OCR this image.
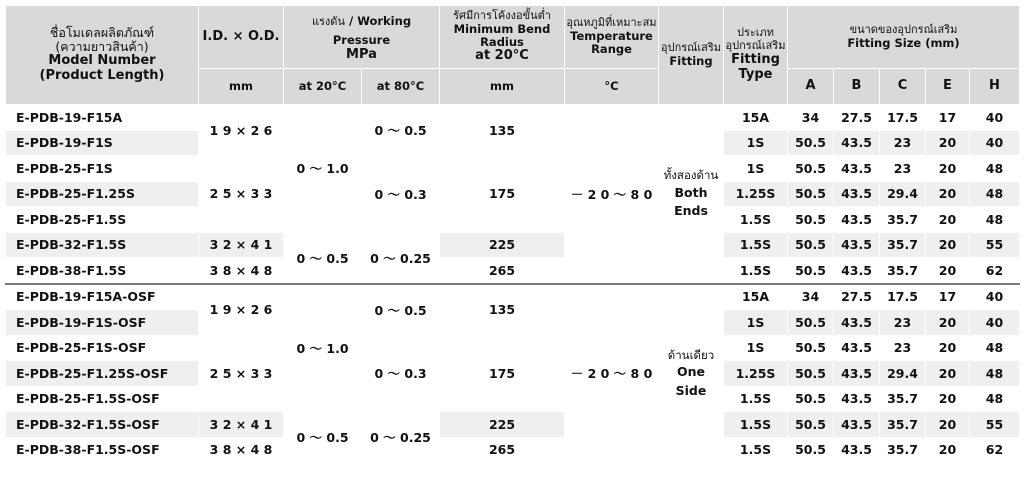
ชื่อโมเดลผลิตภัณฑ์
(ความยาวสินค้า)
Model Number
(Product Length)	I.D. × O.D.	แรงดัน / Working Pressure
MPa		รัศมีการโค้งงอขั้นต่ำ
Minimum Bend Radius
at 20°C	อุณหภูมิที่เหมาะสม
Temperature
Range	อุปกรณ์เสริม
Fitting	ประเภท
อุปกรณ์เสริม
Fitting
Type	ขนาดของอุปกรณ์เสริม
Fitting Size (mm)				

	mm	at 20°C	at 80°C	mm	°C			A	B	C	E	H
E-PDB-19-F15A	1 9 × 2 6	0 ～ 1.0	0 ～ 0.5	135	－ 2 0 ～ 8 0	ทั้งสองด้าน
Both
Ends	15A	34	27.5	17.5	17	40
E-PDB-19-F1S							1S	50.5	43.5	23	20	40
E-PDB-25-F1S	2 5 × 3 3		0 ～ 0.3	175			1S	50.5	43.5	23	20	48
E-PDB-25-F1.25S							1.25S	50.5	43.5	29.4	20	48
E-PDB-25-F1.5S							1.5S	50.5	43.5	35.7	20	48
E-PDB-32-F1.5S	3 2 × 4 1	0 ～ 0.5	0 ～ 0.25	225			1.5S	50.5	43.5	35.7	20	55
E-PDB-38-F1.5S	3 8 × 4 8			265			1.5S	50.5	43.5	35.7	20	62
E-PDB-19-F15A-OSF	1 9 × 2 6	0 ～ 1.0	0 ～ 0.5	135	－ 2 0 ～ 8 0	ด้านเดียว
One
Side	15A	34	27.5	17.5	17	40
E-PDB-19-F1S-OSF							1S	50.5	43.5	23	20	40
E-PDB-25-F1S-OSF	2 5 × 3 3		0 ～ 0.3	175			1S	50.5	43.5	23	20	48
E-PDB-25-F1.25S-OSF							1.25S	50.5	43.5	29.4	20	48
E-PDB-25-F1.5S-OSF							1.5S	50.5	43.5	35.7	20	48
E-PDB-32-F1.5S-OSF	3 2 × 4 1	0 ～ 0.5	0 ～ 0.25	225			1.5S	50.5	43.5	35.7	20	55
E-PDB-38-F1.5S-OSF	3 8 × 4 8			265			1.5S	50.5	43.5	35.7	20	62
